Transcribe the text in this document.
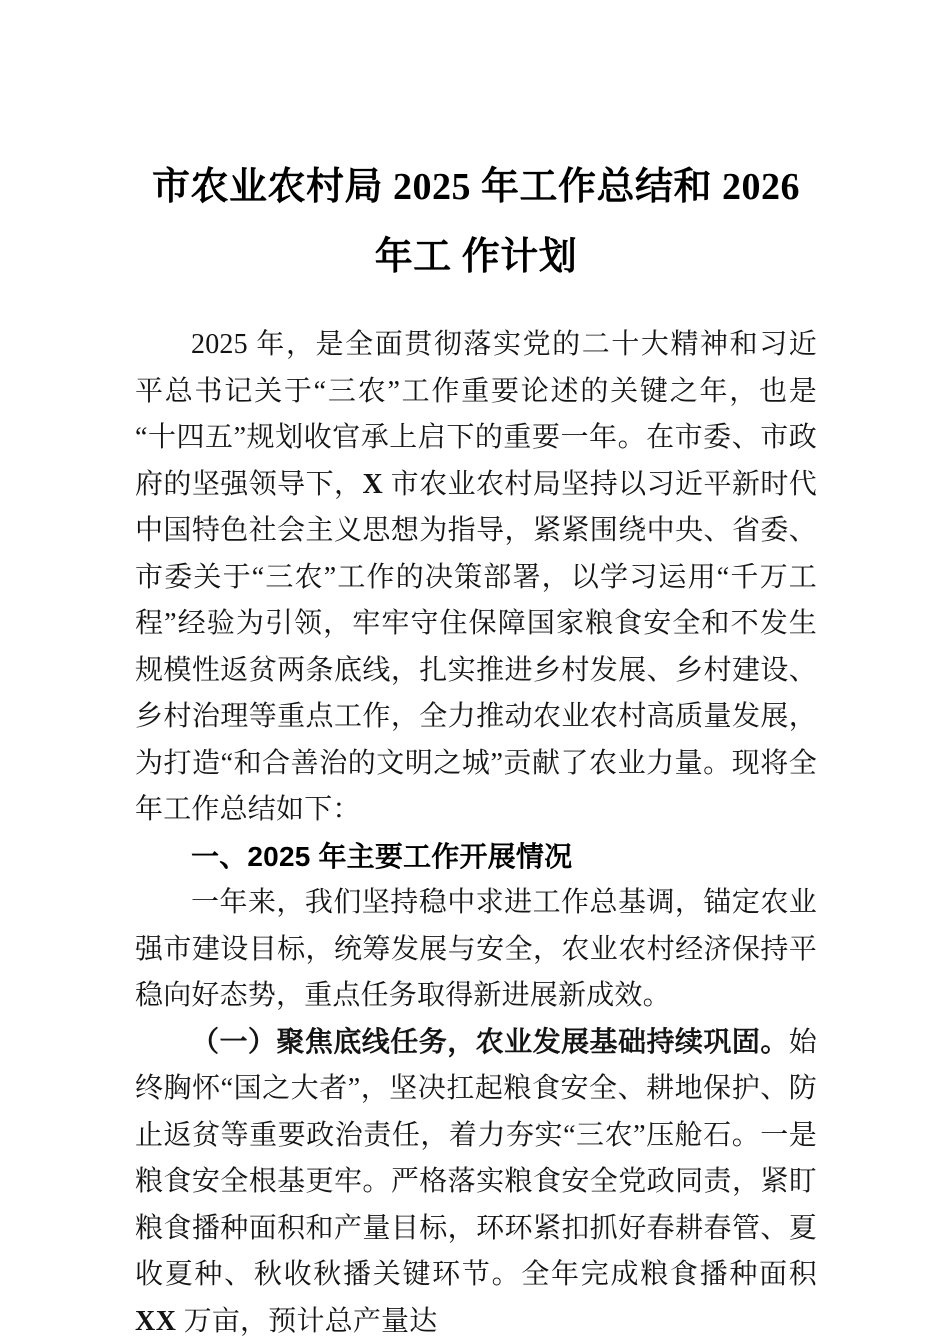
市农业农村局 2025 年工作总结和 2026 年工 作计划

2025 年，是全面贯彻落实党的二十大精神和习近平总书记关于“三农”工作重要论述的关键之年，也是“十四五”规划收官承上启下的重要一年。在市委、市政府的坚强领导下，X 市农业农村局坚持以习近平新时代中国特色社会主义思想为指导，紧紧围绕中央、省委、市委关于“三农”工作的决策部署，以学习运用“千万工程”经验为引领，牢牢守住保障国家粮食安全和不发生规模性返贫两条底线，扎实推进乡村发展、乡村建设、乡村治理等重点工作，全力推动农业农村高质量发展，为打造“和合善治的文明之城”贡献了农业力量。现将全年工作总结如下：

一、2025 年主要工作开展情况

一年来，我们坚持稳中求进工作总基调，锚定农业强市建设目标，统筹发展与安全，农业农村经济保持平稳向好态势，重点任务取得新进展新成效。

（一）聚焦底线任务，农业发展基础持续巩固。始终胸怀“国之大者”，坚决扛起粮食安全、耕地保护、防止返贫等重要政治责任，着力夯实“三农”压舱石。一是粮食安全根基更牢。严格落实粮食安全党政同责，紧盯粮食播种面积和产量目标，环环紧扣抓好春耕春管、夏收夏种、秋收秋播关键环节。全年完成粮食播种面积 XX 万亩，预计总产量达
